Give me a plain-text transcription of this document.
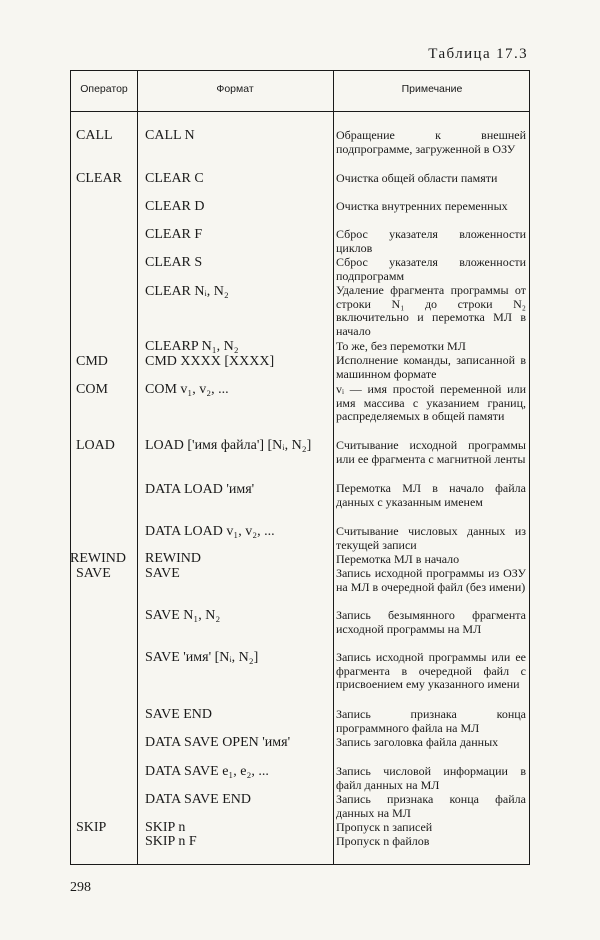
Таблица 17.3
Оператор	Формат	Примечание
CALL
CLEAR
CMD
COM
LOAD
REWIND
SAVE
SKIP
CALL N
CLEAR C
CLEAR D
CLEAR F
CLEAR S
CLEAR Nᵢ, N₂
CLEARP N₁, N₂
CMD XXXX [XXXX]
COM v₁, v₂, ...
LOAD ['имя файла'] [Nᵢ, N₂]
DATA LOAD 'имя'
DATA LOAD v₁, v₂, ...
REWIND
SAVE
SAVE N₁, N₂
SAVE 'имя' [Nᵢ, N₂]
SAVE END
DATA SAVE OPEN 'имя'
DATA SAVE e₁, e₂, ...
DATA SAVE END
SKIP n
SKIP n F
Обращение к внешней подпрограмме, загруженной в ОЗУ
Очистка общей области памяти
Очистка внутренних переменных
Сброс указателя вложенности циклов
Сброс указателя вложенности подпрограмм
Удаление фрагмента программы от строки N₁ до строки N₂ включительно и перемотка МЛ в начало
То же, без перемотки МЛ
Исполнение команды, записанной в машинном формате
vᵢ — имя простой переменной или имя массива с указанием границ, распределяемых в общей памяти
Считывание исходной программы или ее фрагмента с магнитной ленты
Перемотка МЛ в начало файла данных с указанным именем
Считывание числовых данных из текущей записи
Перемотка МЛ в начало
Запись исходной программы из ОЗУ на МЛ в очередной файл (без имени)
Запись безымянного фрагмента исходной программы на МЛ
Запись исходной программы или ее фрагмента в очередной файл с присвоением ему указанного имени
Запись признака конца программного файла на МЛ
Запись заголовка файла данных
Запись числовой информации в файл данных на МЛ
Запись признака конца файла данных на МЛ
Пропуск n записей
Пропуск n файлов
298
